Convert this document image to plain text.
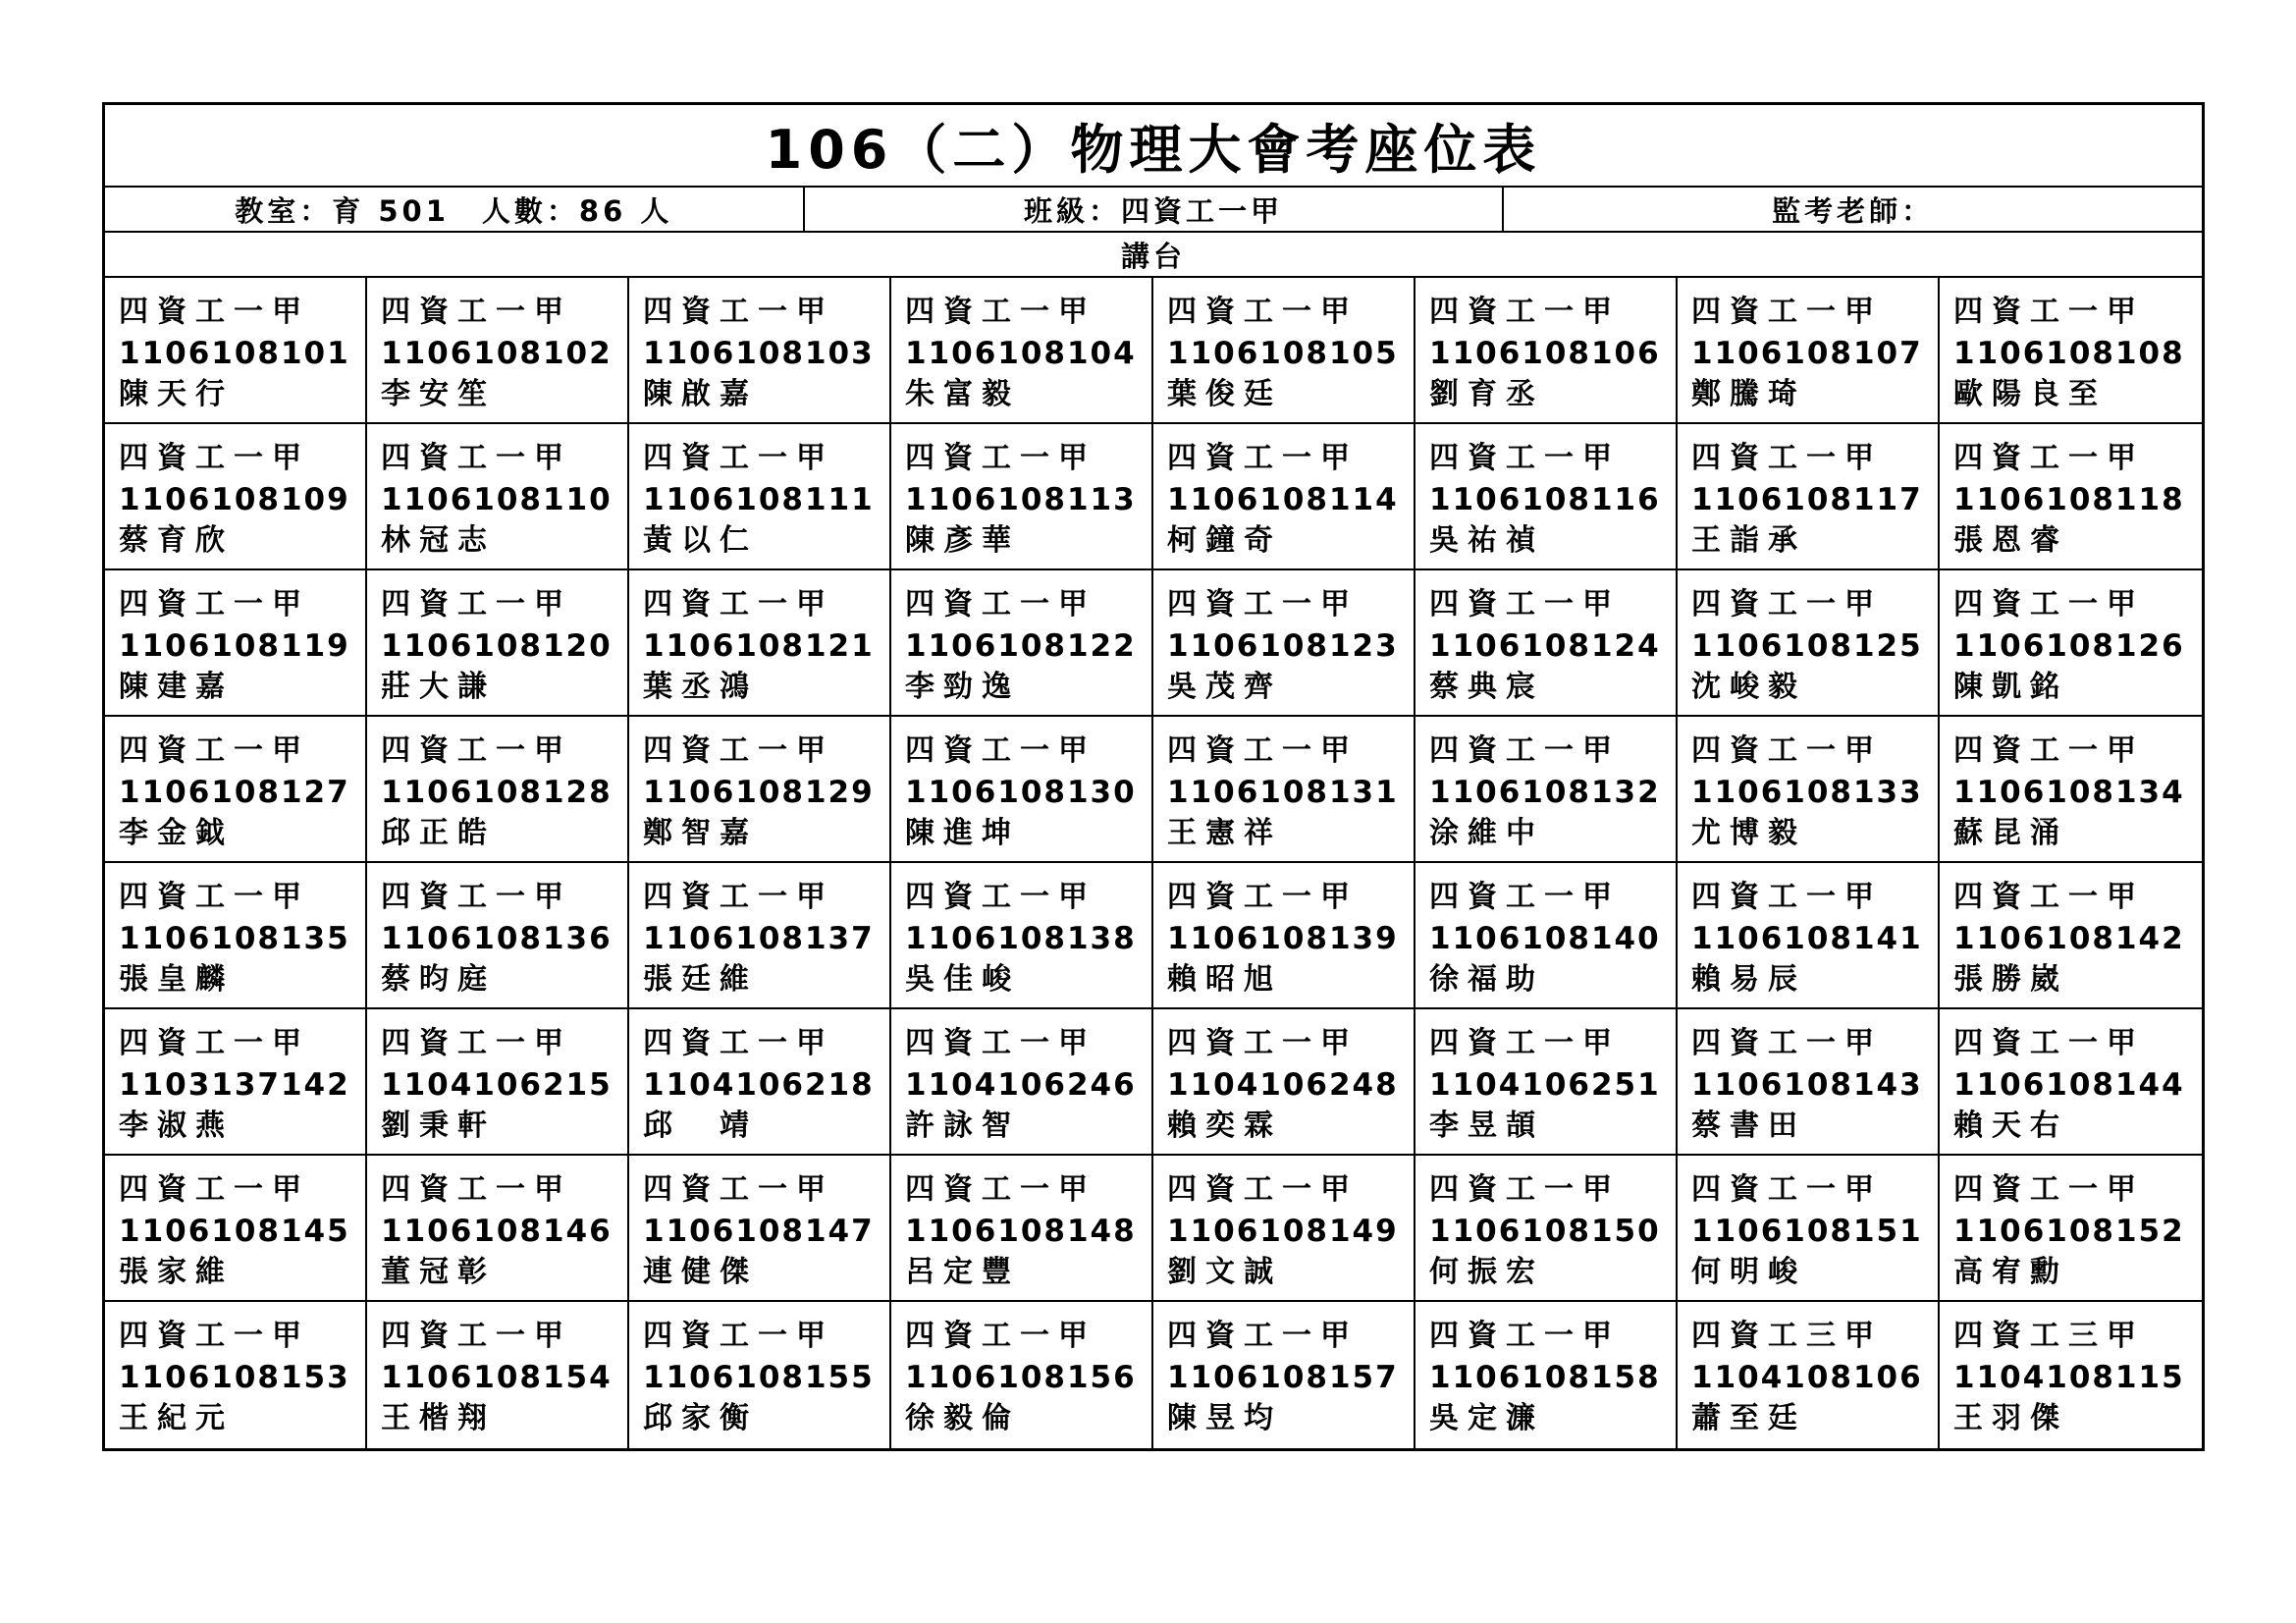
106（二）物理大會考座位表
教室：育 501　人數：86 人	班級：四資工一甲	監考老師：
講台
四資工一甲
1106108101
陳天行
四資工一甲
1106108102
李安笙
四資工一甲
1106108103
陳啟嘉
四資工一甲
1106108104
朱富毅
四資工一甲
1106108105
葉俊廷
四資工一甲
1106108106
劉育丞
四資工一甲
1106108107
鄭騰琦
四資工一甲
1106108108
歐陽良至
四資工一甲
1106108109
蔡育欣
四資工一甲
1106108110
林冠志
四資工一甲
1106108111
黃以仁
四資工一甲
1106108113
陳彥華
四資工一甲
1106108114
柯鐘奇
四資工一甲
1106108116
吳祐禎
四資工一甲
1106108117
王詣承
四資工一甲
1106108118
張恩睿
四資工一甲
1106108119
陳建嘉
四資工一甲
1106108120
莊大謙
四資工一甲
1106108121
葉丞鴻
四資工一甲
1106108122
李勁逸
四資工一甲
1106108123
吳茂齊
四資工一甲
1106108124
蔡典宸
四資工一甲
1106108125
沈峻毅
四資工一甲
1106108126
陳凱銘
四資工一甲
1106108127
李金鉞
四資工一甲
1106108128
邱正皓
四資工一甲
1106108129
鄭智嘉
四資工一甲
1106108130
陳進坤
四資工一甲
1106108131
王憲祥
四資工一甲
1106108132
涂維中
四資工一甲
1106108133
尤博毅
四資工一甲
1106108134
蘇昆涌
四資工一甲
1106108135
張皇麟
四資工一甲
1106108136
蔡昀庭
四資工一甲
1106108137
張廷維
四資工一甲
1106108138
吳佳峻
四資工一甲
1106108139
賴昭旭
四資工一甲
1106108140
徐福助
四資工一甲
1106108141
賴易辰
四資工一甲
1106108142
張勝崴
四資工一甲
1103137142
李淑燕
四資工一甲
1104106215
劉秉軒
四資工一甲
1104106218
邱　靖
四資工一甲
1104106246
許詠智
四資工一甲
1104106248
賴奕霖
四資工一甲
1104106251
李昱頡
四資工一甲
1106108143
蔡書田
四資工一甲
1106108144
賴天右
四資工一甲
1106108145
張家維
四資工一甲
1106108146
董冠彰
四資工一甲
1106108147
連健傑
四資工一甲
1106108148
呂定豐
四資工一甲
1106108149
劉文誠
四資工一甲
1106108150
何振宏
四資工一甲
1106108151
何明峻
四資工一甲
1106108152
高宥勳
四資工一甲
1106108153
王紀元
四資工一甲
1106108154
王楷翔
四資工一甲
1106108155
邱家衡
四資工一甲
1106108156
徐毅倫
四資工一甲
1106108157
陳昱均
四資工一甲
1106108158
吳定濂
四資工三甲
1104108106
蕭至廷
四資工三甲
1104108115
王羽傑
